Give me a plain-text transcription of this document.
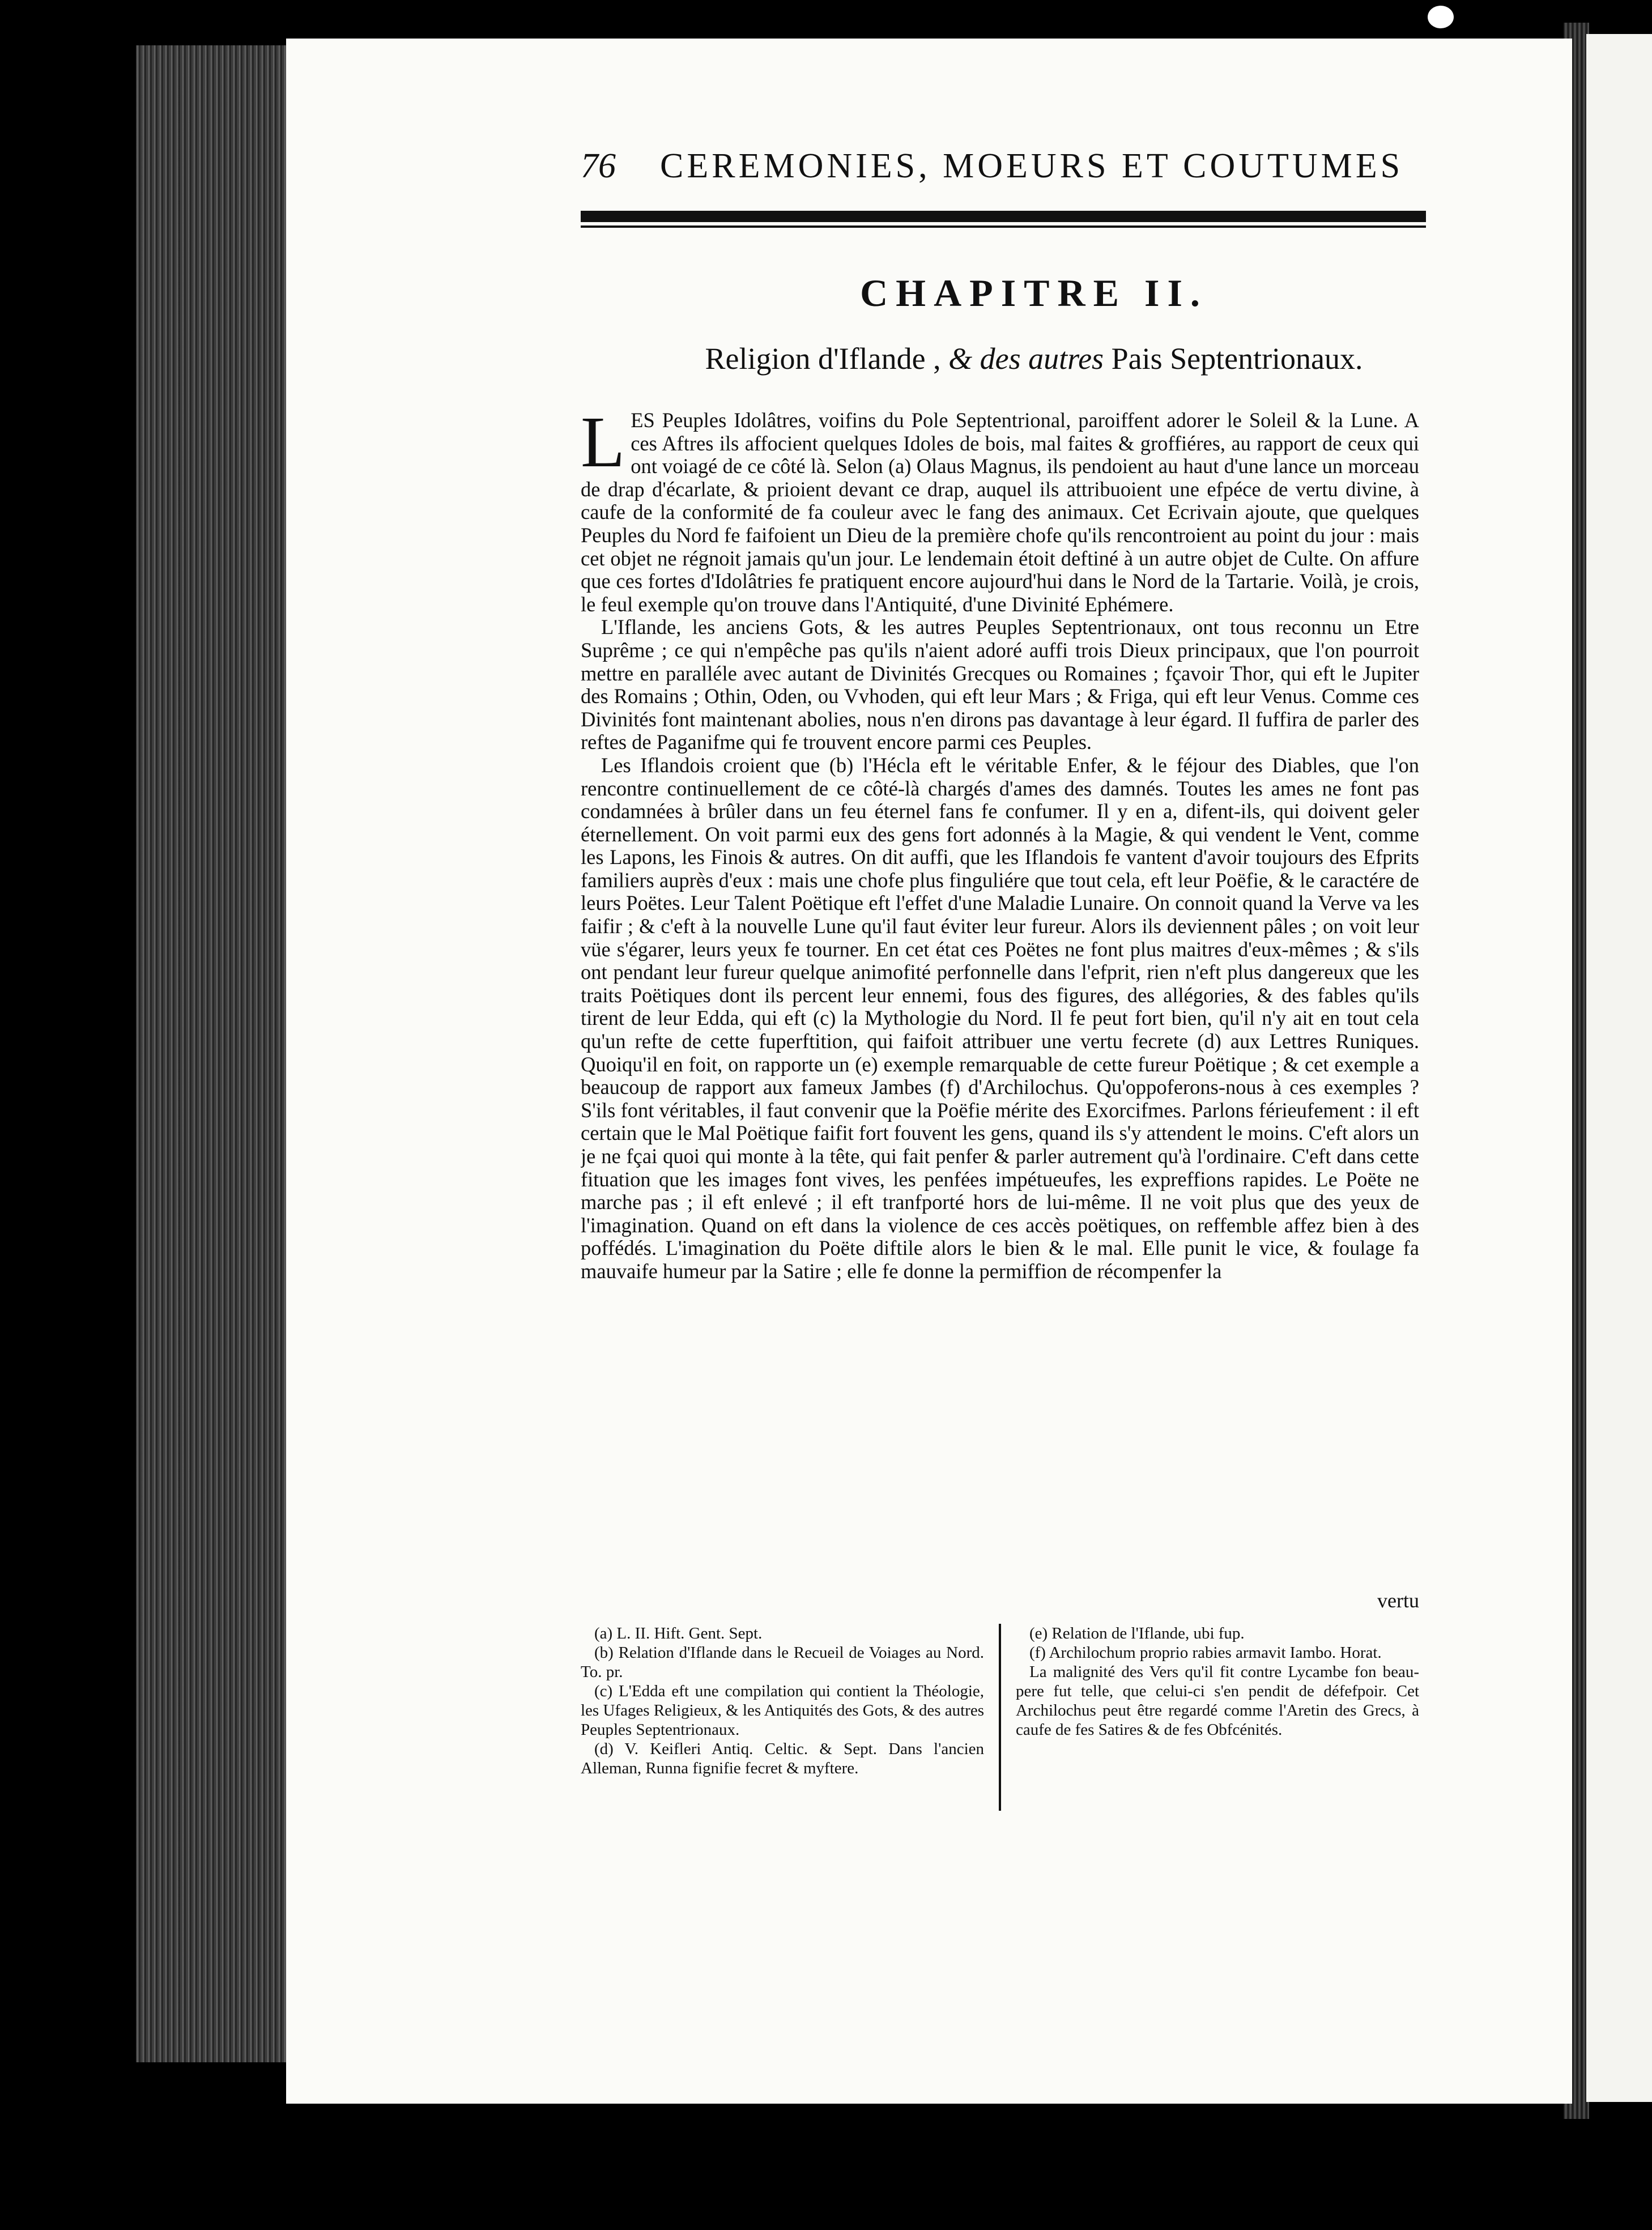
76	CEREMONIES, MOEURS ET COUTUMES
CHAPITRE II.
Religion d'Iflande , & des autres Pais Septentrionaux.

LES Peuples Idolâtres, voifins du Pole Septentrional, paroiffent adorer le Soleil & la Lune. A ces Aftres ils affocient quelques Idoles de bois, mal faites & groffiéres, au rapport de ceux qui ont voiagé de ce côté là. Selon (a) Olaus Magnus, ils pendoient au haut d'une lance un morceau de drap d'écarlate, & prioient devant ce drap, auquel ils attribuoient une efpéce de vertu divine, à caufe de la conformité de fa couleur avec le fang des animaux. Cet Ecrivain ajoute, que quelques Peuples du Nord fe faifoient un Dieu de la première chofe qu'ils rencontroient au point du jour : mais cet objet ne régnoit jamais qu'un jour. Le lendemain étoit deftiné à un autre objet de Culte. On affure que ces fortes d'Idolâtries fe pratiquent encore aujourd'hui dans le Nord de la Tartarie. Voilà, je crois, le feul exemple qu'on trouve dans l'Antiquité, d'une Divinité Ephémere.

L'Iflande, les anciens Gots, & les autres Peuples Septentrionaux, ont tous reconnu un Etre Suprême ; ce qui n'empêche pas qu'ils n'aient adoré auffi trois Dieux principaux, que l'on pourroit mettre en paralléle avec autant de Divinités Grecques ou Romaines ; fçavoir Thor, qui eft le Jupiter des Romains ; Othin, Oden, ou Vvhoden, qui eft leur Mars ; & Friga, qui eft leur Venus. Comme ces Divinités font maintenant abolies, nous n'en dirons pas davantage à leur égard. Il fuffira de parler des reftes de Paganifme qui fe trouvent encore parmi ces Peuples.

Les Iflandois croient que (b) l'Hécla eft le véritable Enfer, & le féjour des Diables, que l'on rencontre continuellement de ce côté-là chargés d'ames des damnés. Toutes les ames ne font pas condamnées à brûler dans un feu éternel fans fe confumer. Il y en a, difent-ils, qui doivent geler éternellement. On voit parmi eux des gens fort adonnés à la Magie, & qui vendent le Vent, comme les Lapons, les Finois & autres. On dit auffi, que les Iflandois fe vantent d'avoir toujours des Efprits familiers auprès d'eux : mais une chofe plus finguliére que tout cela, eft leur Poëfie, & le caractére de leurs Poëtes. Leur Talent Poëtique eft l'effet d'une Maladie Lunaire. On connoit quand la Verve va les faifir ; & c'eft à la nouvelle Lune qu'il faut éviter leur fureur. Alors ils deviennent pâles ; on voit leur vüe s'égarer, leurs yeux fe tourner. En cet état ces Poëtes ne font plus maitres d'eux-mêmes ; & s'ils ont pendant leur fureur quelque animofité perfonnelle dans l'efprit, rien n'eft plus dangereux que les traits Poëtiques dont ils percent leur ennemi, fous des figures, des allégories, & des fables qu'ils tirent de leur Edda, qui eft (c) la Mythologie du Nord. Il fe peut fort bien, qu'il n'y ait en tout cela qu'un refte de cette fuperftition, qui faifoit attribuer une vertu fecrete (d) aux Lettres Runiques. Quoiqu'il en foit, on rapporte un (e) exemple remarquable de cette fureur Poëtique ; & cet exemple a beaucoup de rapport aux fameux Jambes (f) d'Archilochus. Qu'oppoferons-nous à ces exemples ? S'ils font véritables, il faut convenir que la Poëfie mérite des Exorcifmes. Parlons férieufement : il eft certain que le Mal Poëtique faifit fort fouvent les gens, quand ils s'y attendent le moins. C'eft alors un je ne fçai quoi qui monte à la tête, qui fait penfer & parler autrement qu'à l'ordinaire. C'eft dans cette fituation que les images font vives, les penfées impétueufes, les expreffions rapides. Le Poëte ne marche pas ; il eft enlevé ; il eft tranfporté hors de lui-même. Il ne voit plus que des yeux de l'imagination. Quand on eft dans la violence de ces accès poëtiques, on reffemble affez bien à des poffédés. L'imagination du Poëte diftile alors le bien & le mal. Elle punit le vice, & foulage fa mauvaife humeur par la Satire ; elle fe donne la permiffion de récompenfer la

vertu

(a) L. II. Hift. Gent. Sept.

(b) Relation d'Iflande dans le Recueil de Voiages au Nord. To. pr.

(c) L'Edda eft une compilation qui contient la Théologie, les Ufages Religieux, & les Antiquités des Gots, & des autres Peuples Septentrionaux.

(d) V. Keifleri Antiq. Celtic. & Sept. Dans l'ancien Alleman, Runna fignifie fecret & myftere.

(e) Relation de l'Iflande, ubi fup.

(f) Archilochum proprio rabies armavit Iambo. Horat.

La malignité des Vers qu'il fit contre Lycambe fon beau-pere fut telle, que celui-ci s'en pendit de défefpoir. Cet Archilochus peut être regardé comme l'Aretin des Grecs, à caufe de fes Satires & de fes Obfcénités.
